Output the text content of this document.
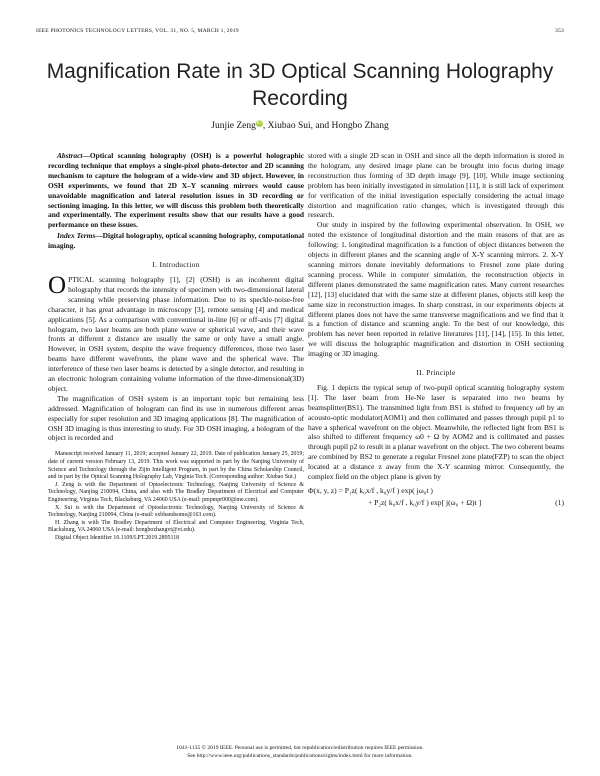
IEEE PHOTONICS TECHNOLOGY LETTERS, VOL. 31, NO. 5, MARCH 1, 2019	353
Magnification Rate in 3D Optical Scanning Holography Recording
Junjie ZengiD, Xiubao Sui, and Hongbo Zhang

Abstract—Optical scanning holography (OSH) is a powerful holographic recording technique that employs a single-pixel photo-detector and 2D scanning mechanism to capture the hologram of a wide-view and 3D object. However, in OSH experiments, we found that 2D X–Y scanning mirrors would cause unavoidable magnification and lateral resolution issues in 3D recording or sectioning imaging. In this letter, we will discuss this problem both theoretically and experimentally. The experiment results show that our results have a good performance on these issues.

Index Terms—Digital holography, optical scanning holography, computational imaging.

I. Introduction

OPTICAL scanning holography [1], [2] (OSH) is an incoherent digital holography that records the intensity of specimen with two-dimensional lateral scanning while preserving phase information. Due to its speckle-noise-free character, it has great advantage in microscopy [3], remote sensing [4] and medical applications [5]. As a comparison with conventional in-line [6] or off-axis [7] digital hologram, two laser beams are both plane wave or spherical wave, and their wave fronts at different z distance are usually the same or only have a small angle. However, in OSH system, despite the wave frequency differences, those two laser beams have different wavefronts, the plane wave and the spherical wave. The interference of these two laser beams is detected by a single detector, and resulting in an electronic hologram containing volume information of the three-dimensional(3D) object.

The magnification of OSH system is an important topic but remaining less addressed. Magnification of hologram can find its use in numerous different areas especially for super resolution and 3D imaging applications [8]. The magnification of OSH 3D imaging is thus interesting to study. For 3D OSH imaging, a hologram of the object is recorded and

Manuscript received January 11, 2019; accepted January 22, 2019. Date of publication January 25, 2019; date of current version February 13, 2019. This work was supported in part by the Nanjing University of Science and Technology through the Zijin Intelligent Program, in part by the China Scholarship Council, and in part by the Optical Scanning Holography Lab, Virginia Tech. (Corresponding author: Xiubao Sui.)

J. Zeng is with the Department of Optoelectronic Technology, Nanjing University of Science & Technology, Nanjing 210094, China, and also with The Bradley Department of Electrical and Computer Engineering, Virginia Tech, Blacksburg, VA 24060 USA (e-mail: pmpmpr000@me.com).

X. Sui is with the Department of Optoelectronic Technology, Nanjing University of Science & Technology, Nanjing 210094, China (e-mail: sxbhandsome@163.com).

H. Zhang is with The Bradley Department of Electrical and Computer Engineering, Virginia Tech, Blacksburg, VA 24060 USA (e-mail: hongbozhangvt@vt.edu).

Digital Object Identifier 10.1109/LPT.2019.2895118

stored with a single 2D scan in OSH and since all the depth information is stored in the hologram, any desired image plane can be brought into focus during image reconstruction thus forming of 3D depth image [9], [10]. While image sectioning problem has been initially investigated in simulation [11], it is still lack of experiment for verification of the initial investigation especially considering the actual image distortion and magnification ratio changes, which is investigated through this research.

Our study in inspired by the following experimental observation. In OSH, we noted the existence of longitudinal distortion and the main reasons of that are as following: 1. longitudinal magnification is a function of object distances between the objects in different planes and the scanning angle of X-Y scanning mirrors. 2. X-Y scanning mirrors donate inevitably deformations to Fresnel zone plate during scanning process. While in computer simulation, the reconstruction objects in different planes demonstrated the same magnification rates. Many current researches [12], [13] elucidated that with the same size at different planes, objects still keep the same size in reconstruction images. In sharp constrast, in our experiments objects at different planes does not have the same transverse magnifications and we find that it is a function of distance and scanning angle. To the best of our knowledge, this problem has never been reported in relative literatures [11], [14], [15]. In this letter, we will discuss the holographic magnification and distortion in OSH sectioning imaging or 3D imaging.

II. Principle

Fig. 1 depicts the typical setup of two-pupil optical scanning holography system [1]. The laser beam from He-Ne laser is separated into two beams by beamsplitter(BS1). The transmitted light from BS1 is shifted to frequency ω0 by an acousto-optic modulator(AOM1) and then collimated and passes through pupil p1 to have a spherical wavefront on the object. Meanwhile, the reflected light from BS1 is also shifted to different frequency ω0 + Ω by AOM2 and is collimated and passes through pupil p2 to result in a planar wavefront on the object. The two coherent beams are combined by BS2 to generate a regular Fresnel zone plate(FZP) to scan the object located at a distance z away from the X-Y scanning mirror. Consequently, the complex field on the object plane is given by

Φ(x, y, z) = P₁z( k₀x/f , k₀y/f ) exp( jω₀t )
+ P₂z( k₀x/f , k₀y/f ) exp[ j(ω₀ + Ω)t ]	(1)
1041-1135 © 2019 IEEE. Personal use is permitted, but republication/redistribution requires IEEE permission.
See http://www.ieee.org/publications_standards/publications/rights/index.html for more information.
